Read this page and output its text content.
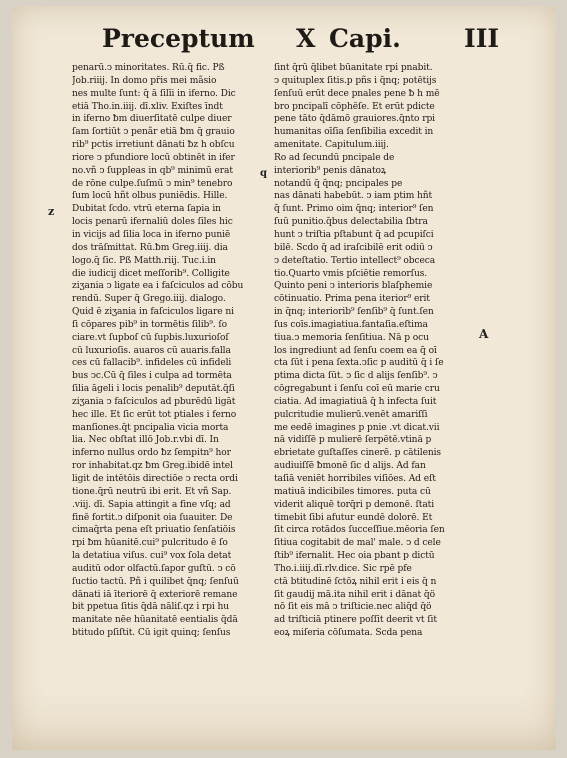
Preceptum X Capi.	III
z
q
A
penarū.ↄ minoritates. Rū.q̄ fic. Pß
Job.riiij. In domo pr̄is mei mãsio
nes multe ſunt: q̄ ā ſilīi in iferno. Dic
etiā Tho.in.iiij. dī.xliv. Exiſtes īndt
in iferno ƀm diuerſitatē culpe diuer
ſam ſortiūt ↄ penãr etiā ƀm q̄ grauio
rib⁹ pctis irretiunt dānati ƀz h obſcu
riore ↄ pfundiore locū obtinēt in ifer
no.vñ ↄ ſuppleas in qb⁹ minimū erat
de rōne culpe.ſuſmū ↄ min⁹ tenebro
ſum locū hñt olbus puniēdis. Hille.
Dubitat ſcdo. vtrū eterna ſapia in
locis penarū ifernaliū doles ſiles hic
in vicijs ad ſilia loca in iferno puniē
dos trāſmittat. Rū.ƀm Greg.iiij. dia
logo.q̄ ſic. Pß Matth.riij. Tuc.i.in
die iudicij dicet meſſorib⁹. Colligite
ziʒania ↄ ligate ea i faſciculos ad cōbu
rendū. Super q̄ Grego.iiij. dialogo.
Quid ē ziʒania in faſciculos ligare ni
ſi cōpares pib⁹ in tormētis ſilib⁹. ſo
ciare.vt ſupboſ cū ſupbis.luxurioſoſ
cū luxurioſis. auaros cū auaris.falla
ces cū fallacib⁹. infideles cū infideli
bus ↄc.Cū q̄ ſiles i culpa ad tormēta
ſilia āgeli i locis penalib⁹ deputāt.q̄ſi
ziʒania ↄ faſciculos ad pburēdū ligāt
hec ille. Et ſic erūt tot ptiales i ferno
manſiones.q̄t pncipalia vicia morta
lia. Nec obſtat illō Job.r.vbi dī. In
inferno nullus ordo ƀz ſempitn⁹ hor
ror inhabitat.qz ƀm Greg.ibidē intel
ligit de intētōis directiōe ↄ recta ordi
tione.q̄rū neutrū ibi erit. Et vñ Sap.
.viij. dī. Sapia attingit a fine vſq; ad
finē fortit.ↄ diſponit oia ſuauiter. De
cimaq̄rta pena eſt priuatio ſenſatiōis
rpi ƀm hūanitē.cui⁹ pulcritudo ē ſo
la detatiua viſus. cui⁹ vox ſola detat
auditū odor olfactū.ſapor guſtū. ↄ cō
ſuctio tactū. Pñ i quilibet q̄nq; ſenſuū
dānati iā īteriorē q̄ exteriorē remane
bit ppetua ſitis q̄dā nāliſ.qz i rpi hu
manitate nēe hūanitatē eentialis q̄dā
btitudo pſiſtit. Cū igit quinq; ſenſus
ſint q̄rū q̄libet būanitate rpi pnabit.
ↄ quituplex ſitis.p pñs i q̄nq; potētijs
ſenſuū erūt dece pnales pene ƀ h mē
bro pncipalī cōphēſe. Et erūt pdicte
pene tāto q̄dāmō grauiores.q̄nto rpi
humanitas oīſia ſenſibilia excedit in
amenitate. Capitulum.iiij.
Ro ad ſecundū pncipale de
interiorib⁹ penis dānatoꝝ
notandū q̄ q̄nq; pncipales pe
nas dānati habebūt. ↄ iam ptim hñt
q̄ ſunt. Primo oim q̄nq; interior⁹ ſen
ſuū punitio.q̄bus delectabilia ſbtra
hunt ↄ triſtia pſtabunt q̄ ad pcupiſci
bilē. Scdo q̄ ad iraſcibilē erit odiū ↄ
ↄ deteſtatio. Tertio intellect⁹ obceca
tio.Quarto vmis pſciētie remorſus.
Quinto peni ↄ interioris blaſphemie
cōtinuatio. Prima pena iterior⁹ erit
in q̄nq; interiorib⁹ ſenſib⁹ q̄ ſunt.ſen
ſus coīs.imagiatiua.fantaſia.eſtima
tiua.ↄ memoria ſenſitiua. Nā p ocu
los ingrediunt ad ſenſu coem ea q̄ oī
cta ſūt i pena ſexta.ↄſic p auditū q̄ i ſe
ptima dicta ſūt. ↄ ſic d alijs ſenſib⁹. ↄ
cōgregabunt i ſenſu coī eū marie cru
ciatia. Ad imagiatiuā q̄ h infecta ſuit
pulcritudie mulierū.venēt amariſſi
me eedē imagines p pnie .vt dicat.vii
nā vidiſſē p mulierē ſerpētē.vtinā p
ebrietate guſtaſſes cinerē. p cātilenis
audiuiſſē ƀmonē ſic d alijs. Ad fan
taſiā veniēt horribiles viſiōes. Ad eſt
matiuā indicibiles timores. puta cū
viderit aliquē torq̄ri p demonē. ſtati
timebit ſibi afutur eundē dolorē. Et
ſit circa rotādos ſucceſſiue.mēoria ſen
ſitiua cogitabit de mal' male. ↄ d cele
ſtib⁹ ifernalit. Hec oia pbant p dictū
Tho.i.iiij.dī.rlv.dice. Sic rpē pfe
ctā btitudinē ſctōꝝ nihil erit i eis q̄ n
ſit gaudij mā.ita nihil erit i dānat q̄ö
nō ſit eis mā ↄ triſticie.nec aliq̄d q̄ö
ad triſticiā ptinere poſſit deerit vt ſit
eoꝝ miſeria cōſumata. Scda pena
